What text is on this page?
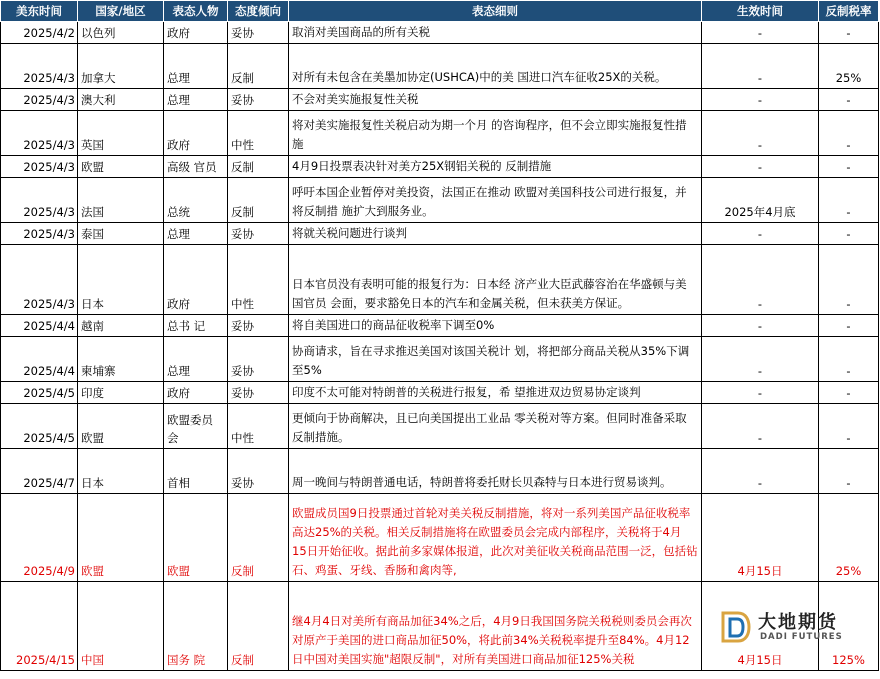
美东时间	国家/地区	表态人物	态度倾向	表态细则	生效时间	反制税率
2025/4/2	以色列	政府	妥协	取消对美国商品的所有关税	-	-
2025/4/3	加拿大	总理	反制	对所有未包含在美墨加协定(USHCA)中的美 国进口汽车征收25X的关税。	-	25%
2025/4/3	澳大利	总理	妥协	不会对美实施报复性关税	-	-
2025/4/3	英国	政府	中性	将对美实施报复性关税启动为期一个月 的咨询程序，但不会立即实施报复性措施	-	-
2025/4/3	欧盟	高级 官员	反制	4月9日投票表决针对美方25X钢铝关税的 反制措施	-	-
2025/4/3	法国	总统	反制	呼吁本国企业暂停对美投资，法国正在推动 欧盟对美国科技公司进行报复，并将反制措 施扩大到服务业。	2025年4月底	-
2025/4/3	泰国	总理	妥协	将就关税问题进行谈判	-	-
2025/4/3	日本	政府	中性	日本官员没有表明可能的报复行为：日本经 济产业大臣武藤容治在华盛顿与美国官员 会面，要求豁免日本的汽车和金属关税，但未获美方保证。	-	-
2025/4/4	越南	总书 记	妥协	将自美国进口的商品征收税率下调至0%	-	-
2025/4/4	柬埔寨	总理	妥协	协商请求，旨在寻求推迟美国对该国关税计 划，将把部分商品关税从35%下调至5%	-	-
2025/4/5	印度	政府	妥协	印度不太可能对特朗普的关税进行报复，希 望推进双边贸易协定谈判	-	-
2025/4/5	欧盟	欧盟委员会	中性	更倾向于协商解决，且已向美国提出工业品 零关税对等方案。但同时准备采取反制措施。	-	-
2025/4/7	日本	首相	妥协	周一晚间与特朗普通电话，特朗普将委托财长贝森特与日本进行贸易谈判。	-	-
2025/4/9	欧盟	欧盟	反制	欧盟成员国9日投票通过首轮对美关税反制措施，将对一系列美国产品征收税率高达25%的关税。相关反制措施将在欧盟委员会完成内部程序，关税将于4月 15日开始征收。据此前多家媒体报道，此次对美征收关税商品范围一泛，包括钻石、鸡蛋、牙线、香肠和禽肉等,	4月15日	25%
2025/4/15	中国	国务 院	反制	继4月4日对美所有商品加征34%之后，4月9日我国国务院关税税则委员会再次对原产于美国的进口商品加征50%，将此前34%关税税率提升至84%。4月12日中国对美国实施"超限反制"，对所有美国进口商品加征125%关税	4月15日	125%
大地期货
DADI FUTURES
